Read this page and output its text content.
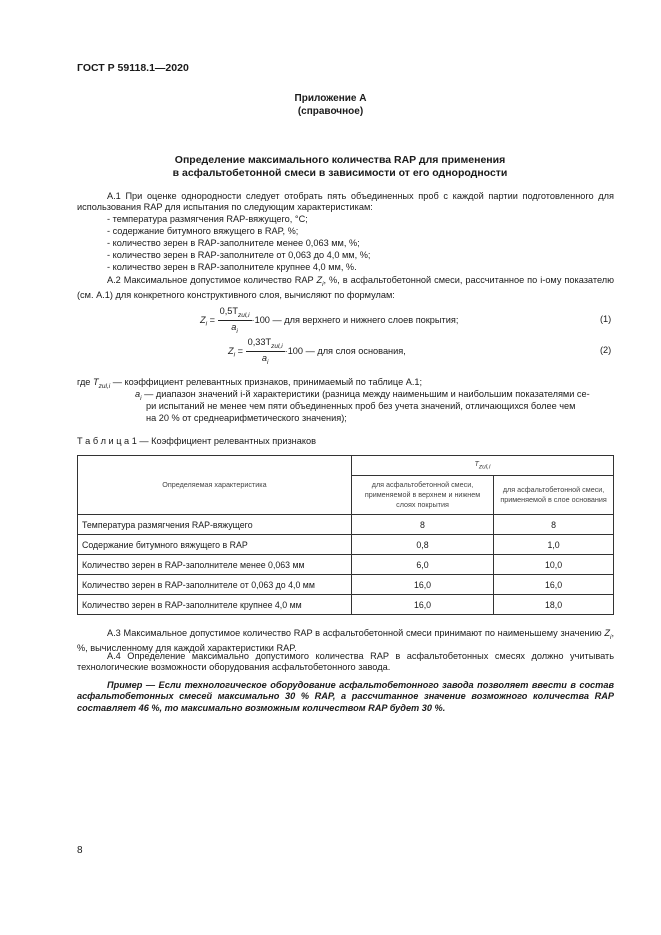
ГОСТ Р 59118.1—2020
Приложение А
(справочное)
Определение максимального количества RAP для применения
в асфальтобетонной смеси в зависимости от его однородности
А.1 При оценке однородности следует отобрать пять объединенных проб с каждой партии подготовленного для использования RAP для испытания по следующим характеристикам:
- температура размягчения RAP-вяжущего, °С;
- содержание битумного вяжущего в RAP, %;
- количество зерен в RAP-заполнителе менее 0,063 мм, %;
- количество зерен в RAP-заполнителе от 0,063 до 4,0 мм, %;
- количество зерен в RAP-заполнителе крупнее 4,0 мм, %.
А.2 Максимальное допустимое количество RAP $Z_i$, %, в асфальтобетонной смеси, рассчитанное по i-ому показателю (см. А.1) для конкретного конструктивного слоя, вычисляют по формулам:
$Z_i = \frac{0,5T_{zul,i}}{a_i} \cdot 100$ — для верхнего и нижнего слоев покрытия;	(1)
$Z_i = \frac{0,33T_{zul,i}}{a_i} \cdot 100$ — для слоя основания,	(2)
где $T_{zul,i}$ — коэффициент релевантных признаков, принимаемый по таблице А.1;
$a_i$ — диапазон значений i-й характеристики (разница между наименьшим и наибольшим показателями се-
ри испытаний не менее чем пяти объединенных проб без учета значений, отличающихся более чем
на 20 % от среднеарифметического значения);
Т а б л и ц а 1 — Коэффициент релевантных признаков
Определяемая характеристика	$T_{zul,i}$
	для асфальтобетонной смеси, применяемой в верхнем и нижнем слоях покрытия	для асфальтобетонной смеси, применяемой в слое основания
Температура размягчения RAP-вяжущего	8	8
Содержание битумного вяжущего в RAP	0,8	1,0
Количество зерен в RAP-заполнителе менее 0,063 мм	6,0	10,0
Количество зерен в RAP-заполнителе от 0,063 до 4,0 мм	16,0	16,0
Количество зерен в RAP-заполнителе крупнее 4,0 мм	16,0	18,0
А.3 Максимальное допустимое количество RAP в асфальтобетонной смеси принимают по наименьшему значению $Z_i$, %, вычисленному для каждой характеристики RAP.
А.4 Определение максимально допустимого количества RAP в асфальтобетонных смесях должно учитывать технологические возможности оборудования асфальтобетонного завода.
Пример — Если технологическое оборудование асфальтобетонного завода позволяет ввести в состав асфальтобетонных смесей максимально 30 % RAP, а рассчитанное значение возможного количества RAP составляет 46 %, то максимально возможным количеством RAP будет 30 %.
8
